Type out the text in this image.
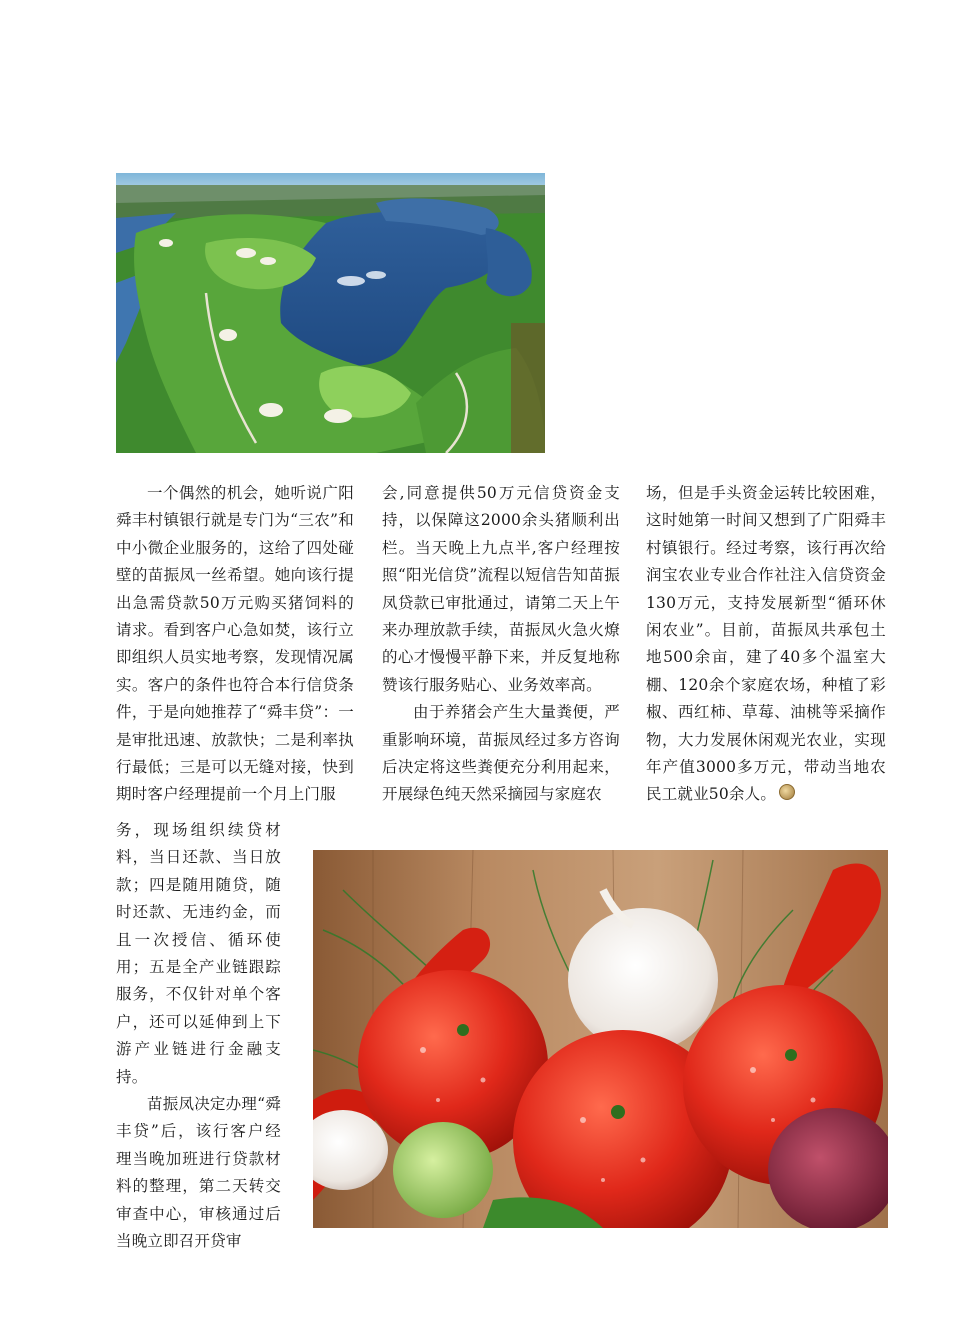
一个偶然的机会，她听说广阳舜丰村镇银行就是专门为“三农”和中小微企业服务的，这给了四处碰壁的苗振凤一丝希望。她向该行提出急需贷款50万元购买猪饲料的请求。看到客户心急如焚，该行立即组织人员实地考察，发现情况属实。客户的条件也符合本行信贷条件，于是向她推荐了“舜丰贷”：一是审批迅速、放款快；二是利率执行最低；三是可以无缝对接，快到期时客户经理提前一个月上门服

务，现场组织续贷材料，当日还款、当日放款；四是随用随贷，随时还款、无违约金，而且一次授信、循环使用；五是全产业链跟踪服务，不仅针对单个客户，还可以延伸到上下游产业链进行金融支持。

苗振凤决定办理“舜丰贷”后，该行客户经理当晚加班进行贷款材料的整理，第二天转交审查中心，审核通过后当晚立即召开贷审

会,同意提供50万元信贷资金支持，以保障这2000余头猪顺利出栏。当天晚上九点半,客户经理按照“阳光信贷”流程以短信告知苗振凤贷款已审批通过，请第二天上午来办理放款手续，苗振凤火急火燎的心才慢慢平静下来，并反复地称赞该行服务贴心、业务效率高。

由于养猪会产生大量粪便，严重影响环境，苗振凤经过多方咨询后决定将这些粪便充分利用起来，开展绿色纯天然采摘园与家庭农

场，但是手头资金运转比较困难，这时她第一时间又想到了广阳舜丰村镇银行。经过考察，该行再次给润宝农业专业合作社注入信贷资金130万元，支持发展新型“循环休闲农业”。目前，苗振凤共承包土地500余亩，建了40多个温室大棚、120余个家庭农场，种植了彩椒、西红柿、草莓、油桃等采摘作物，大力发展休闲观光农业，实现年产值3000多万元，带动当地农民工就业50余人。
